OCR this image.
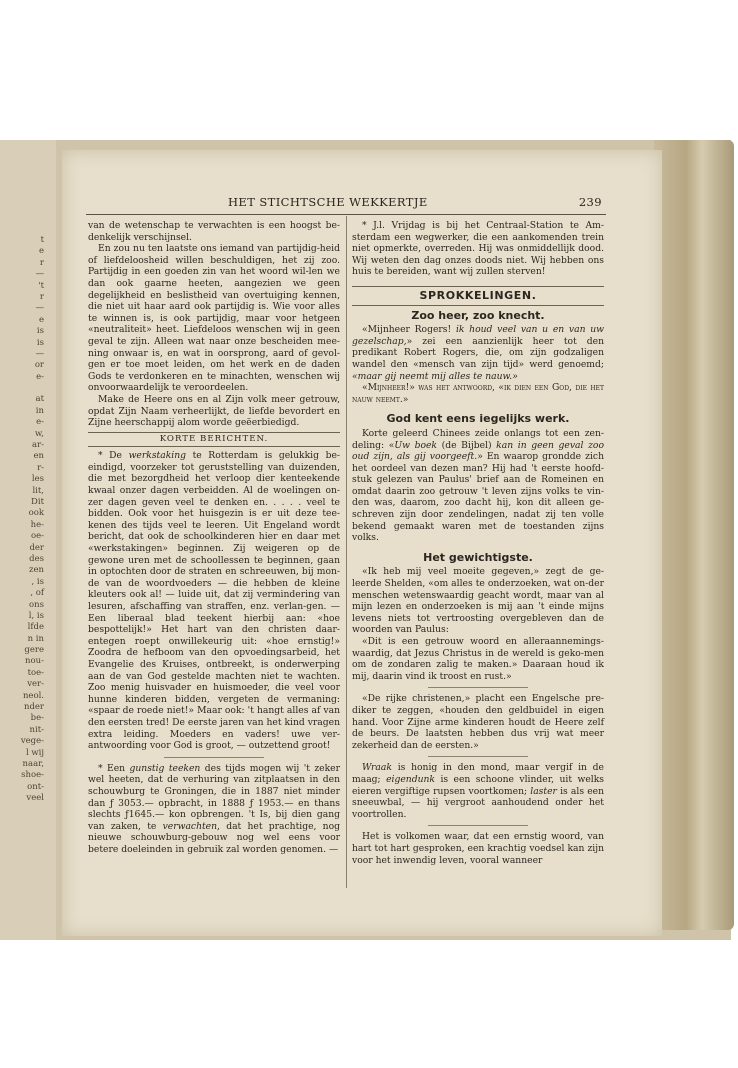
t
e
r
—
't
r
—
e
is
is
—
or
e-
at
in
e-
w,
ar-
en
r-
les
lit,
Dit
ook
he-
oe-
der
des
zen
, is
, of
ons
l, is
lfde
n in
gere
nou-
toe-
ver-
neol.
nder
be-
nit-
vege-
l wij
naar,
shoe-
ont-
veel
HET STICHTSCHE WEKKERTJE	239

van de wetenschap te verwachten is een hoogst be-denkelijk verschijnsel.

En zou nu ten laatste ons iemand van partijdig-heid of liefdeloosheid willen beschuldigen, het zij zoo. Partijdig in een goeden zin van het woord wil-len we dan ook gaarne heeten, aangezien we geen degelijkheid en beslistheid van overtuiging kennen, die niet uit haar aard ook partijdig is. Wie voor alles te winnen is, is ook partijdig, maar voor hetgeen «neutraliteit» heet. Liefdeloos wenschen wij in geen geval te zijn. Alleen wat naar onze bescheiden mee-ning onwaar is, en wat in oorsprong, aard of gevol-gen er toe moet leiden, om het werk en de daden Gods te verdonkeren en te minachten, wenschen wij onvoorwaardelijk te veroordeelen.

Make de Heere ons en al Zijn volk meer getrouw, opdat Zijn Naam verheerlijkt, de liefde bevordert en Zijne heerschappij alom worde geëerbiedigd.

KORTE BERICHTEN.

* De werkstaking te Rotterdam is gelukkig be-eindigd, voorzeker tot geruststelling van duizenden, die met bezorgdheid het verloop dier kenteekende kwaal onzer dagen verbeidden. Al de woelingen on-zer dagen geven veel te denken en. . . . . veel te bidden. Ook voor het huisgezin is er uit deze tee-kenen des tijds veel te leeren. Uit Engeland wordt bericht, dat ook de schoolkinderen hier en daar met «werkstakingen» beginnen. Zij weigeren op de gewone uren met de schoollessen te beginnen, gaan in optochten door de straten en schreeuwen, bij mon-de van de woordvoeders — die hebben de kleine kleuters ook al! — luide uit, dat zij vermindering van lesuren, afschaffing van straffen, enz. verlan-gen. — Een liberaal blad teekent hierbij aan: «hoe bespottelijk!» Het hart van den christen daar-entegen roept onwillekeurig uit: «hoe ernstig!» Zoodra de hefboom van den opvoedingsarbeid, het Evangelie des Kruises, ontbreekt, is onderwerping aan de van God gestelde machten niet te wachten. Zoo menig huisvader en huismoeder, die veel voor hunne kinderen bidden, vergeten de vermaning: «spaar de roede niet!» Maar ook: 't hangt alles af van den eersten tred! De eerste jaren van het kind vragen extra leiding. Moeders en vaders! uwe ver-antwoording voor God is groot, — outzettend groot!

* Een gunstig teeken des tijds mogen wij 't zeker wel heeten, dat de verhuring van zitplaatsen in den schouwburg te Groningen, die in 1887 niet minder dan ƒ 3053.— opbracht, in 1888 ƒ 1953.— en thans slechts ƒ1645.— kon opbrengen. 't Is, bij dien gang van zaken, te verwachten, dat het prachtige, nog nieuwe schouwburg-gebouw nog wel eens voor betere doeleinden in gebruik zal worden genomen. —

* J.l. Vrijdag is bij het Centraal-Station te Am-sterdam een wegwerker, die een aankomenden trein niet opmerkte, overreden. Hij was onmiddellijk dood. Wij weten den dag onzes doods niet. Wij hebben ons huis te bereiden, want wij zullen sterven!

SPROKKELINGEN.
Zoo heer, zoo knecht.

«Mijnheer Rogers! ik houd veel van u en van uw gezelschap,» zei een aanzienlijk heer tot den predikant Robert Rogers, die, om zijn godzaligen wandel den «mensch van zijn tijd» werd genoemd; «maar gij neemt mij alles te nauw.»

«Mijnheer!» was het antwoord, «ik dien een God, die het nauw neemt.»

God kent eens iegelijks werk.

Korte geleerd Chinees zeide onlangs tot een zen-deling: «Uw boek (de Bijbel) kan in geen geval zoo oud zijn, als gij voorgeeft.» En waarop grondde zich het oordeel van dezen man? Hij had 't eerste hoofd-stuk gelezen van Paulus' brief aan de Romeinen en omdat daarin zoo getrouw 't leven zijns volks te vin-den was, daarom, zoo dacht hij, kon dit alleen ge-schreven zijn door zendelingen, nadat zij ten volle bekend gemaakt waren met de toestanden zijns volks.

Het gewichtigste.

«Ik heb mij veel moeite gegeven,» zegt de ge-leerde Shelden, «om alles te onderzoeken, wat on-der menschen wetenswaardig geacht wordt, maar van al mijn lezen en onderzoeken is mij aan 't einde mijns levens niets tot vertroosting overgebleven dan de woorden van Paulus:

«Dit is een getrouw woord en alleraannemings-waardig, dat Jezus Christus in de wereld is geko-men om de zondaren zalig te maken.» Daaraan houd ik mij, daarin vind ik troost en rust.»

«De rijke christenen,» placht een Engelsche pre-diker te zeggen, «houden den geldbuidel in eigen hand. Voor Zijne arme kinderen houdt de Heere zelf de beurs. De laatsten hebben dus vrij wat meer zekerheid dan de eersten.»

Wraak is honig in den mond, maar vergif in de maag; eigendunk is een schoone vlinder, uit welks eieren vergiftige rupsen voortkomen; laster is als een sneeuwbal, — hij vergroot aanhoudend onder het voortrollen.

Het is volkomen waar, dat een ernstig woord, van hart tot hart gesproken, een krachtig voedsel kan zijn voor het inwendig leven, vooral wanneer
